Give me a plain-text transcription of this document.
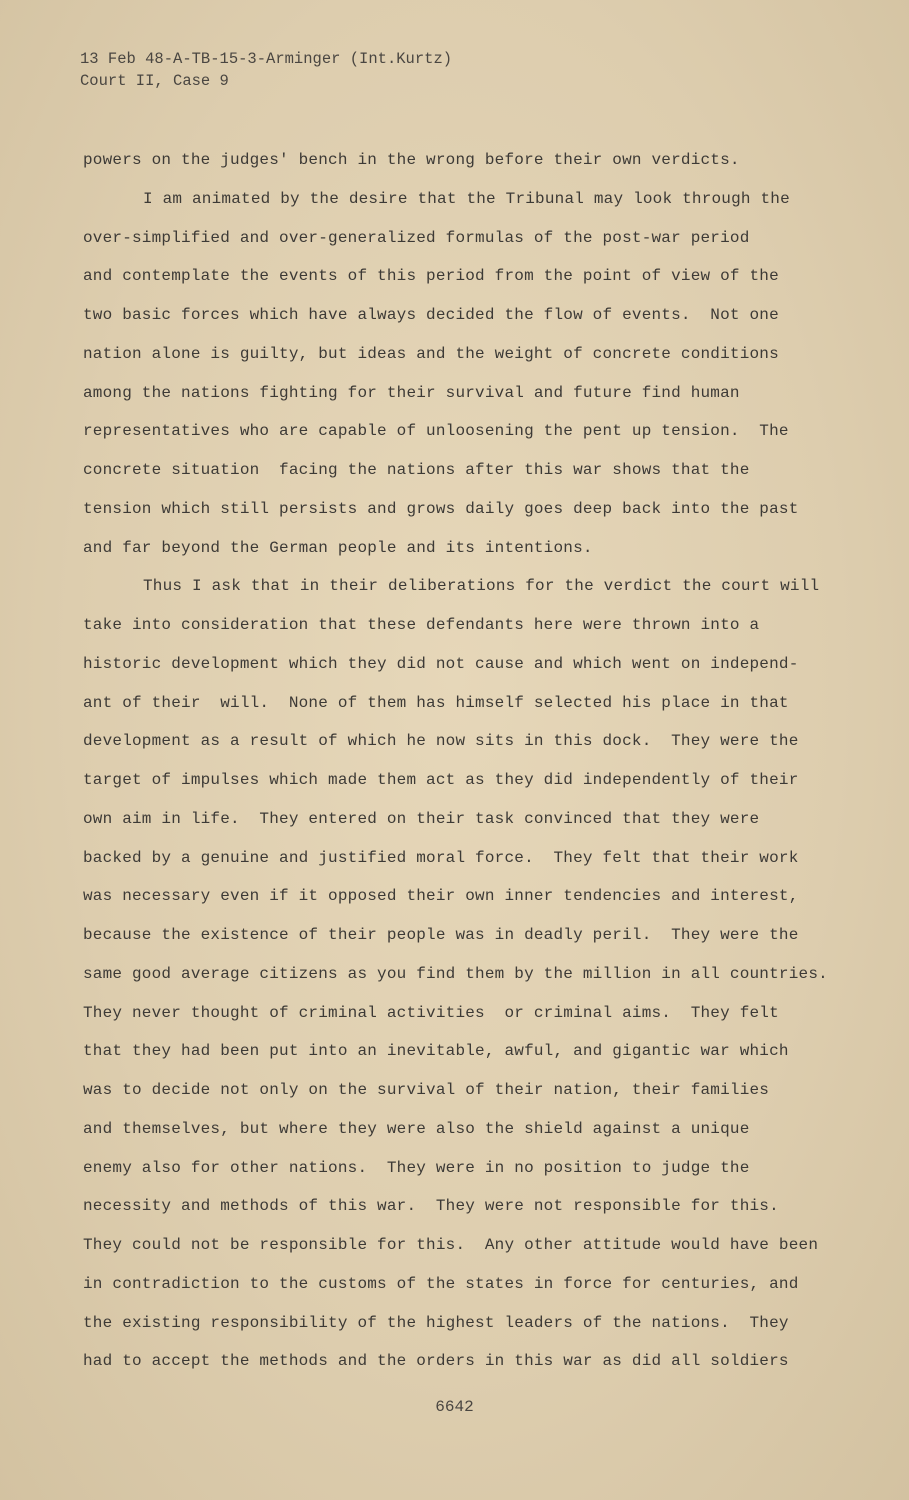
13 Feb 48-A-TB-15-3-Arminger (Int.Kurtz)
Court II, Case 9
powers on the judges' bench in the wrong before their own verdicts.
I am animated by the desire that the Tribunal may look through the
over-simplified and over-generalized formulas of the post-war period
and contemplate the events of this period from the point of view of the
two basic forces which have always decided the flow of events.  Not one
nation alone is guilty, but ideas and the weight of concrete conditions
among the nations fighting for their survival and future find human
representatives who are capable of unloosening the pent up tension.  The
concrete situation  facing the nations after this war shows that the
tension which still persists and grows daily goes deep back into the past
and far beyond the German people and its intentions.
Thus I ask that in their deliberations for the verdict the court will
take into consideration that these defendants here were thrown into a
historic development which they did not cause and which went on independ-
ant of their  will.  None of them has himself selected his place in that
development as a result of which he now sits in this dock.  They were the
target of impulses which made them act as they did independently of their
own aim in life.  They entered on their task convinced that they were
backed by a genuine and justified moral force.  They felt that their work
was necessary even if it opposed their own inner tendencies and interest,
because the existence of their people was in deadly peril.  They were the
same good average citizens as you find them by the million in all countries.
They never thought of criminal activities  or criminal aims.  They felt
that they had been put into an inevitable, awful, and gigantic war which
was to decide not only on the survival of their nation, their families
and themselves, but where they were also the shield against a unique
enemy also for other nations.  They were in no position to judge the
necessity and methods of this war.  They were not responsible for this.
They could not be responsible for this.  Any other attitude would have been
in contradiction to the customs of the states in force for centuries, and
the existing responsibility of the highest leaders of the nations.  They
had to accept the methods and the orders in this war as did all soldiers
6642
